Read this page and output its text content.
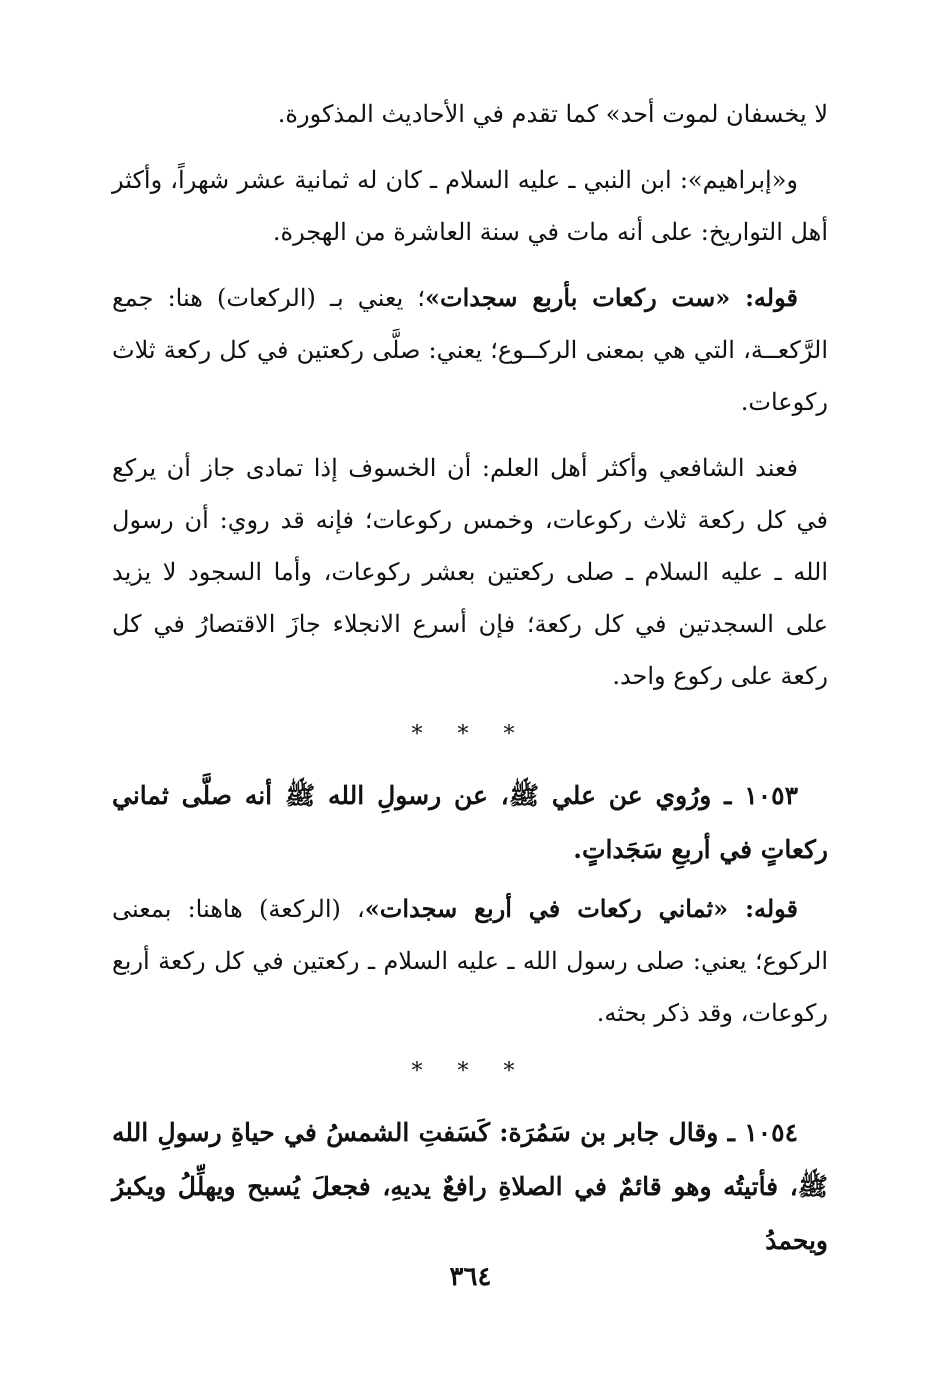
لا يخسفان لموت أحد» كما تقدم في الأحاديث المذكورة.

و«إبراهيم»: ابن النبي ـ عليه السلام ـ كان له ثمانية عشر شهراً، وأكثر أهل التواريخ: على أنه مات في سنة العاشرة من الهجرة.

قوله: «ست ركعات بأربع سجدات»؛ يعني بـ (الركعات) هنا: جمع الرَّكعــة، التي هي بمعنى الركــوع؛ يعني: صلَّى ركعتين في كل ركعة ثلاث ركوعات.

فعند الشافعي وأكثر أهل العلم: أن الخسوف إذا تمادى جاز أن يركع في كل ركعة ثلاث ركوعات، وخمس ركوعات؛ فإنه قد روي: أن رسول الله ـ عليه السلام ـ صلى ركعتين بعشر ركوعات، وأما السجود لا يزيد على السجدتين في كل ركعة؛ فإن أسرع الانجلاء جازَ الاقتصارُ في كل ركعة على ركوع واحد.

* * *

١٠٥٣ ـ ورُوي عن علي ﷺ، عن رسولِ الله ﷺ أنه صلَّى ثماني ركعاتٍ في أربعِ سَجَداتٍ.

قوله: «ثماني ركعات في أربع سجدات»، (الركعة) هاهنا: بمعنى الركوع؛ يعني: صلى رسول الله ـ عليه السلام ـ ركعتين في كل ركعة أربع ركوعات، وقد ذكر بحثه.

* * *

١٠٥٤ ـ وقال جابر بن سَمُرَة: كَسَفتِ الشمسُ في حياةِ رسولِ الله ﷺ، فأتيتُه وهو قائمٌ في الصلاةِ رافعٌ يديهِ، فجعلَ يُسبح ويهلِّلُ ويكبرُ ويحمدُ

٣٦٤
